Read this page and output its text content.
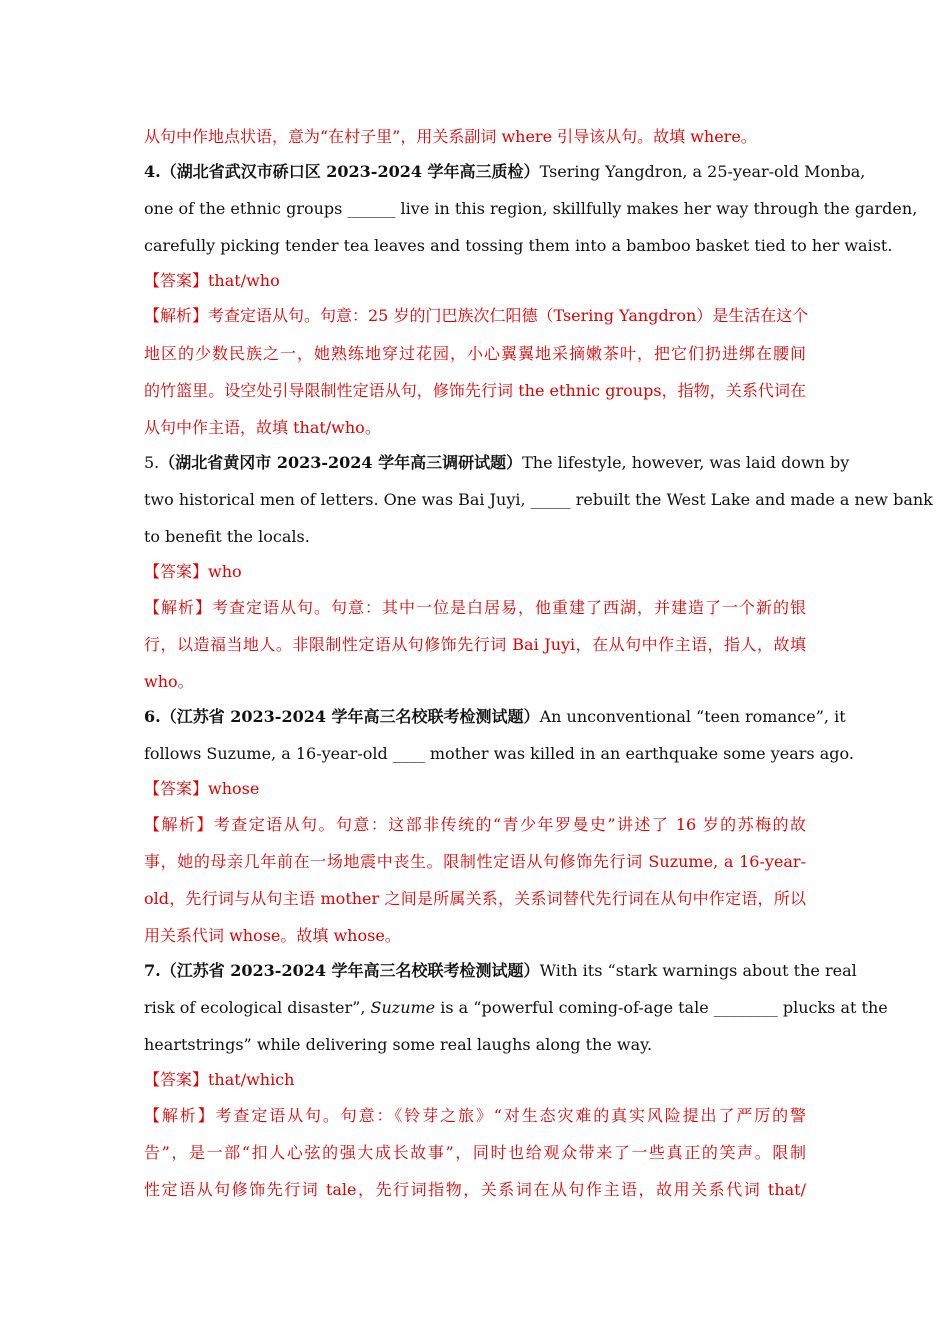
从句中作地点状语，意为“在村子里”，用关系副词 where 引导该从句。故填 where。
4.（湖北省武汉市硚口区 2023-2024 学年高三质检）Tsering Yangdron, a 25-year-old Monba,
one of the ethnic groups ______ live in this region, skillfully makes her way through the garden,
carefully picking tender tea leaves and tossing them into a bamboo basket tied to her waist.
【答案】that/who
【解析】考查定语从句。句意：25 岁的门巴族次仁阳德（Tsering Yangdron）是生活在这个
地区的少数民族之一，她熟练地穿过花园，小心翼翼地采摘嫩茶叶，把它们扔进绑在腰间
的竹篮里。设空处引导限制性定语从句，修饰先行词 the ethnic groups，指物，关系代词在
从句中作主语，故填 that/who。
5.（湖北省黄冈市 2023-2024 学年高三调研试题）The lifestyle, however, was laid down by
two historical men of letters. One was Bai Juyi, _____ rebuilt the West Lake and made a new bank
to benefit the locals.
【答案】who
【解析】考查定语从句。句意：其中一位是白居易，他重建了西湖，并建造了一个新的银
行，以造福当地人。非限制性定语从句修饰先行词 Bai Juyi，在从句中作主语，指人，故填
who。
6.（江苏省 2023-2024 学年高三名校联考检测试题）An unconventional “teen romance”, it
follows Suzume, a 16-year-old ____ mother was killed in an earthquake some years ago.
【答案】whose
【解析】考查定语从句。句意：这部非传统的“青少年罗曼史”讲述了 16 岁的苏梅的故
事，她的母亲几年前在一场地震中丧生。限制性定语从句修饰先行词 Suzume, a 16-year-
old，先行词与从句主语 mother 之间是所属关系，关系词替代先行词在从句中作定语，所以
用关系代词 whose。故填 whose。
7.（江苏省 2023-2024 学年高三名校联考检测试题）With its “stark warnings about the real
risk of ecological disaster”, Suzume is a “powerful coming-of-age tale ________ plucks at the
heartstrings” while delivering some real laughs along the way.
【答案】that/which
【解析】考查定语从句。句意：《铃芽之旅》“对生态灾难的真实风险提出了严厉的警
告”，是一部“扣人心弦的强大成长故事”，同时也给观众带来了一些真正的笑声。限制
性定语从句修饰先行词 tale，先行词指物，关系词在从句作主语，故用关系代词 that/
